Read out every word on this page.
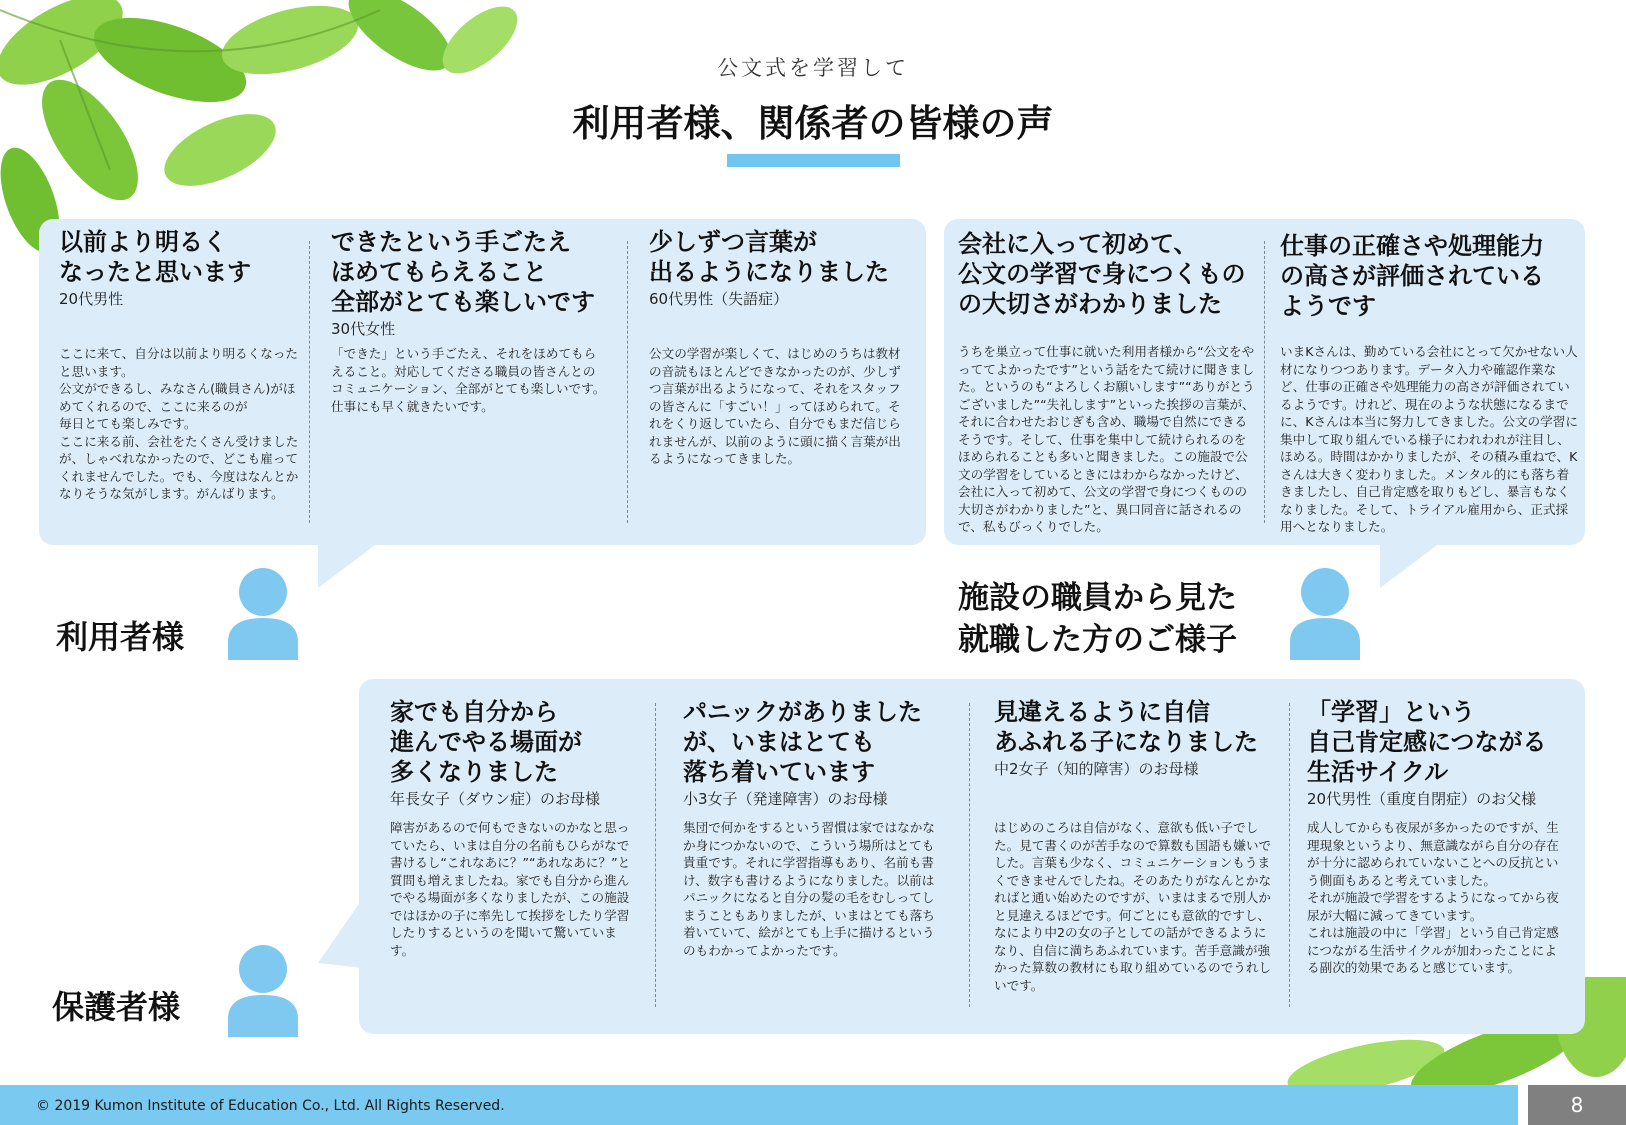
公文式を学習して
利用者様、関係者の皆様の声
以前より明るく
なったと思います
20代男性
ここに来て、自分は以前より明るくなったと思います。
公文ができるし、みなさん(職員さん)がほめてくれるので、ここに来るのが
毎日とても楽しみです。
ここに来る前、会社をたくさん受けましたが、しゃべれなかったので、どこも雇ってくれませんでした。でも、今度はなんとかなりそうな気がします。がんばります。
できたという手ごたえ
ほめてもらえること
全部がとても楽しいです
30代女性
「できた」という手ごたえ、それをほめてもらえること。対応してくださる職員の皆さんとの
コミュニケーション、全部がとても楽しいです。
仕事にも早く就きたいです。
少しずつ言葉が
出るようになりました
60代男性（失語症）
公文の学習が楽しくて、はじめのうちは教材の音読もほとんどできなかったのが、少しずつ言葉が出るようになって、それをスタッフの皆さんに「すごい！」ってほめられて。それをくり返していたら、自分でもまだ信じられませんが、以前のように頭に描く言葉が出るようになってきました。
会社に入って初めて、
公文の学習で身につくもの
の大切さがわかりました
うちを巣立って仕事に就いた利用者様から“公文をやっててよかったです”という話をたて続けに聞きました。というのも“よろしくお願いします”“ありがとうございました”“失礼します”といった挨拶の言葉が、それに合わせたおじぎも含め、職場で自然にできるそうです。そして、仕事を集中して続けられるのをほめられることも多いと聞きました。この施設で公文の学習をしているときにはわからなかったけど、会社に入って初めて、公文の学習で身につくものの大切さがわかりました”と、異口同音に話されるので、私もびっくりでした。
仕事の正確さや処理能力
の高さが評価されている
ようです
いまKさんは、勤めている会社にとって欠かせない人材になりつつあります。データ入力や確認作業など、仕事の正確さや処理能力の高さが評価されているようです。けれど、現在のような状態になるまでに、Kさんは本当に努力してきました。公文の学習に集中して取り組んでいる様子にわれわれが注目し、ほめる。時間はかかりましたが、その積み重ねで、Kさんは大きく変わりました。メンタル的にも落ち着きましたし、自己肯定感を取りもどし、暴言もなくなりました。そして、トライアル雇用から、正式採用へとなりました。
利用者様
施設の職員から見た
就職した方のご様子
家でも自分から
進んでやる場面が
多くなりました
年長女子（ダウン症）のお母様
障害があるので何もできないのかなと思っていたら、いまは自分の名前もひらがなで書けるし“これなあに？”“あれなあに？”と質問も増えましたね。家でも自分から進んでやる場面が多くなりましたが、この施設ではほかの子に率先して挨拶をしたり学習したりするというのを聞いて驚いています。
パニックがありました
が、いまはとても
落ち着いています
小3女子（発達障害）のお母様
集団で何かをするという習慣は家ではなかなか身につかないので、こういう場所はとても貴重です。それに学習指導もあり、名前も書け、数字も書けるようになりました。以前はパニックになると自分の髪の毛をむしってしまうこともありましたが、いまはとても落ち着いていて、絵がとても上手に描けるというのもわかってよかったです。
見違えるように自信
あふれる子になりました
中2女子（知的障害）のお母様
はじめのころは自信がなく、意欲も低い子でした。見て書くのが苦手なので算数も国語も嫌いでした。言葉も少なく、コミュニケーションもうまくできませんでしたね。そのあたりがなんとかなればと通い始めたのですが、いまはまるで別人かと見違えるほどです。何ごとにも意欲的ですし、なにより中2の女の子としての話ができるようになり、自信に満ちあふれています。苦手意識が強かった算数の教材にも取り組めているのでうれしいです。
「学習」という
自己肯定感につながる
生活サイクル
20代男性（重度自閉症）のお父様
成人してからも夜尿が多かったのですが、生理現象というより、無意識ながら自分の存在が十分に認められていないことへの反抗という側面もあると考えていました。
それが施設で学習をするようになってから夜尿が大幅に減ってきています。
これは施設の中に「学習」という自己肯定感につながる生活サイクルが加わったことによる副次的効果であると感じています。
保護者様
© 2019 Kumon Institute of Education Co., Ltd. All Rights Reserved.	8
